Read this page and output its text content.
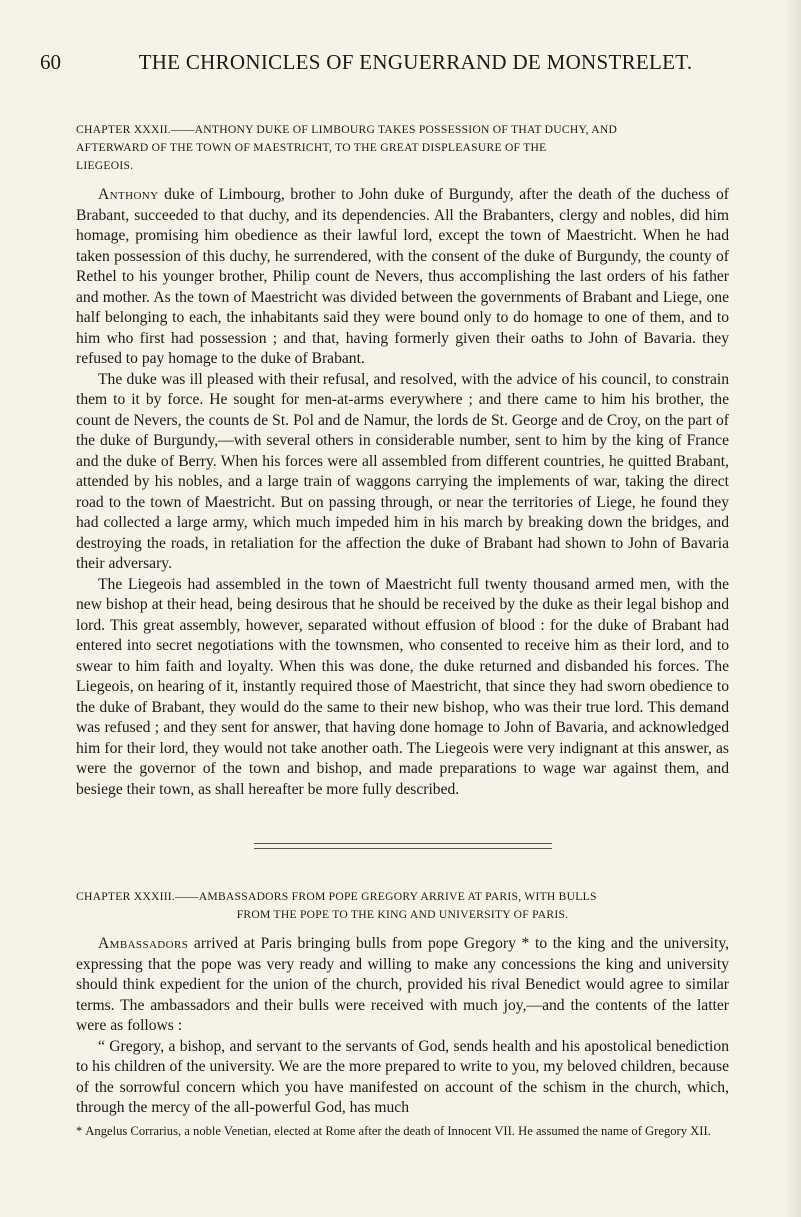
60	THE CHRONICLES OF ENGUERRAND DE MONSTRELET.
CHAPTER XXXII.——ANTHONY DUKE OF LIMBOURG TAKES POSSESSION OF THAT DUCHY, AND
AFTERWARD OF THE TOWN OF MAESTRICHT, TO THE GREAT DISPLEASURE OF THE
LIEGEOIS.

Anthony duke of Limbourg, brother to John duke of Burgundy, after the death of the duchess of Brabant, succeeded to that duchy, and its dependencies. All the Brabanters, clergy and nobles, did him homage, promising him obedience as their lawful lord, except the town of Maestricht. When he had taken possession of this duchy, he surrendered, with the consent of the duke of Burgundy, the county of Rethel to his younger brother, Philip count de Nevers, thus accomplishing the last orders of his father and mother. As the town of Maestricht was divided between the governments of Brabant and Liege, one half belonging to each, the inhabitants said they were bound only to do homage to one of them, and to him who first had possession ; and that, having formerly given their oaths to John of Bavaria. they refused to pay homage to the duke of Brabant.

The duke was ill pleased with their refusal, and resolved, with the advice of his council, to constrain them to it by force. He sought for men-at-arms everywhere ; and there came to him his brother, the count de Nevers, the counts de St. Pol and de Namur, the lords de St. George and de Croy, on the part of the duke of Burgundy,—with several others in considerable number, sent to him by the king of France and the duke of Berry. When his forces were all assembled from different countries, he quitted Brabant, attended by his nobles, and a large train of waggons carrying the implements of war, taking the direct road to the town of Maestricht. But on passing through, or near the territories of Liege, he found they had collected a large army, which much impeded him in his march by breaking down the bridges, and destroying the roads, in retaliation for the affection the duke of Brabant had shown to John of Bavaria their adversary.

The Liegeois had assembled in the town of Maestricht full twenty thousand armed men, with the new bishop at their head, being desirous that he should be received by the duke as their legal bishop and lord. This great assembly, however, separated without effusion of blood : for the duke of Brabant had entered into secret negotiations with the townsmen, who consented to receive him as their lord, and to swear to him faith and loyalty. When this was done, the duke returned and disbanded his forces. The Liegeois, on hearing of it, instantly required those of Maestricht, that since they had sworn obedience to the duke of Brabant, they would do the same to their new bishop, who was their true lord. This demand was refused ; and they sent for answer, that having done homage to John of Bavaria, and acknowledged him for their lord, they would not take another oath. The Liegeois were very indignant at this answer, as were the governor of the town and bishop, and made preparations to wage war against them, and besiege their town, as shall hereafter be more fully described.

CHAPTER XXXIII.——AMBASSADORS FROM POPE GREGORY ARRIVE AT PARIS, WITH BULLS
FROM THE POPE TO THE KING AND UNIVERSITY OF PARIS.

Ambassadors arrived at Paris bringing bulls from pope Gregory * to the king and the university, expressing that the pope was very ready and willing to make any concessions the king and university should think expedient for the union of the church, provided his rival Benedict would agree to similar terms. The ambassadors and their bulls were received with much joy,—and the contents of the latter were as follows :

“ Gregory, a bishop, and servant to the servants of God, sends health and his apostolical benediction to his children of the university. We are the more prepared to write to you, my beloved children, because of the sorrowful concern which you have manifested on account of the schism in the church, which, through the mercy of the all-powerful God, has much

* Angelus Corrarius, a noble Venetian, elected at Rome after the death of Innocent VII. He assumed the name of Gregory XII.
